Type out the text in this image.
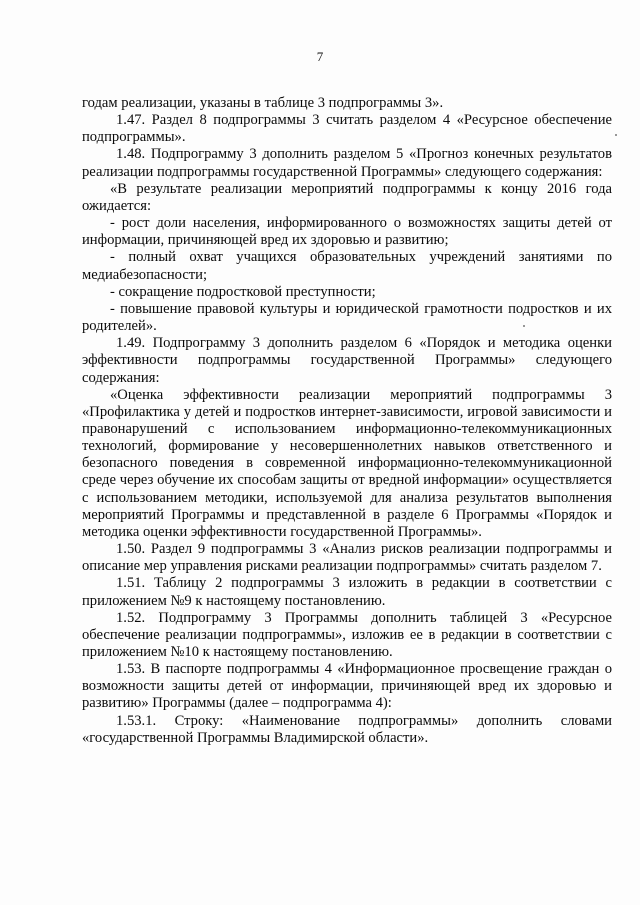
7

годам реализации, указаны в таблице 3 подпрограммы 3».

1.47. Раздел 8 подпрограммы 3 считать разделом 4 «Ресурсное обеспечение подпрограммы».

1.48. Подпрограмму 3 дополнить разделом 5 «Прогноз конечных результатов реализации подпрограммы государственной Программы» следующего содержания:

«В результате реализации мероприятий подпрограммы к концу 2016 года ожидается:

- рост доли населения, информированного о возможностях защиты детей от информации, причиняющей вред их здоровью и развитию;

- полный охват учащихся образовательных учреждений занятиями по медиабезопасности;

- сокращение подростковой преступности;

- повышение правовой культуры и юридической грамотности подростков и их родителей».

1.49. Подпрограмму 3 дополнить разделом 6 «Порядок и методика оценки эффективности подпрограммы государственной Программы» следующего содержания:

«Оценка эффективности реализации мероприятий подпрограммы 3 «Профилактика у детей и подростков интернет-зависимости, игровой зависимости и правонарушений с использованием информационно-телекоммуникационных технологий, формирование у несовершеннолетних навыков ответственного и безопасного поведения в современной информационно-телекоммуникационной среде через обучение их способам защиты от вредной информации» осуществляется с использованием методики, используемой для анализа результатов выполнения мероприятий Программы и представленной в разделе 6 Программы «Порядок и методика оценки эффективности государственной Программы».

1.50. Раздел 9 подпрограммы 3 «Анализ рисков реализации подпрограммы и описание мер управления рисками реализации подпрограммы» считать разделом 7.

1.51. Таблицу 2 подпрограммы 3 изложить в редакции в соответствии с приложением №9 к настоящему постановлению.

1.52. Подпрограмму 3 Программы дополнить таблицей 3 «Ресурсное обеспечение реализации подпрограммы», изложив ее в редакции в соответствии с приложением №10 к настоящему постановлению.

1.53. В паспорте подпрограммы 4 «Информационное просвещение граждан о возможности защиты детей от информации, причиняющей вред их здоровью и развитию» Программы (далее – подпрограмма 4):

1.53.1. Строку: «Наименование подпрограммы» дополнить словами «государственной Программы Владимирской области».
